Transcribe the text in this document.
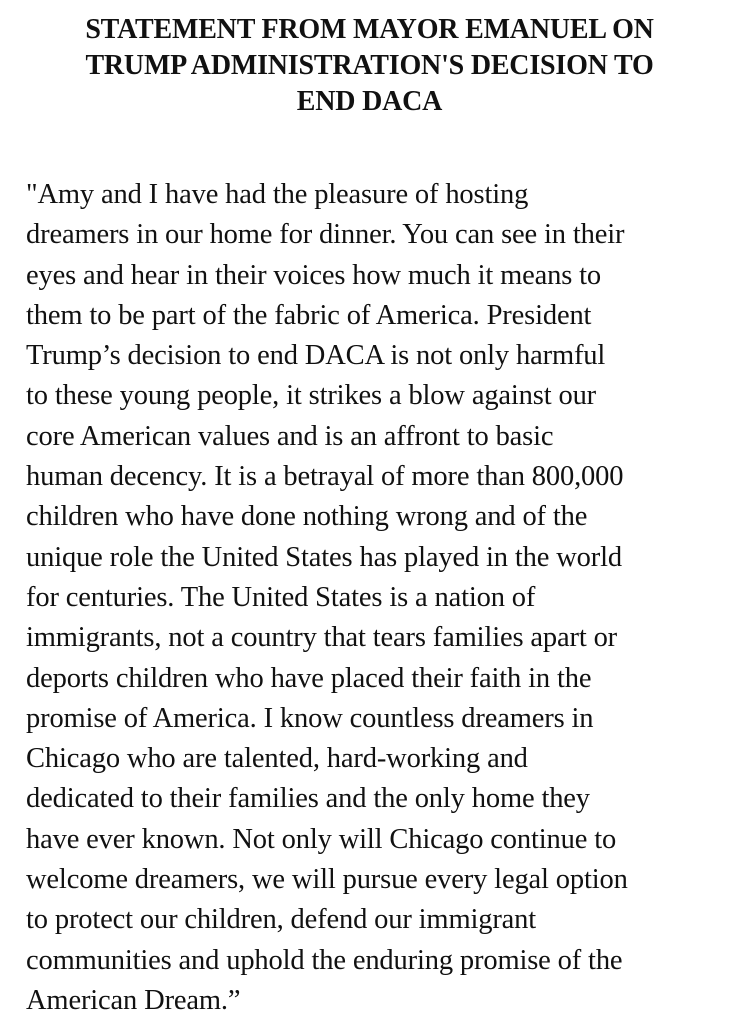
STATEMENT FROM MAYOR EMANUEL ON
TRUMP ADMINISTRATION'S DECISION TO
END DACA
"Amy and I have had the pleasure of hosting
dreamers in our home for dinner. You can see in their
eyes and hear in their voices how much it means to
them to be part of the fabric of America. President
Trump’s decision to end DACA is not only harmful
to these young people, it strikes a blow against our
core American values and is an affront to basic
human decency. It is a betrayal of more than 800,000
children who have done nothing wrong and of the
unique role the United States has played in the world
for centuries. The United States is a nation of
immigrants, not a country that tears families apart or
deports children who have placed their faith in the
promise of America. I know countless dreamers in
Chicago who are talented, hard-working and
dedicated to their families and the only home they
have ever known. Not only will Chicago continue to
welcome dreamers, we will pursue every legal option
to protect our children, defend our immigrant
communities and uphold the enduring promise of the
American Dream.”
